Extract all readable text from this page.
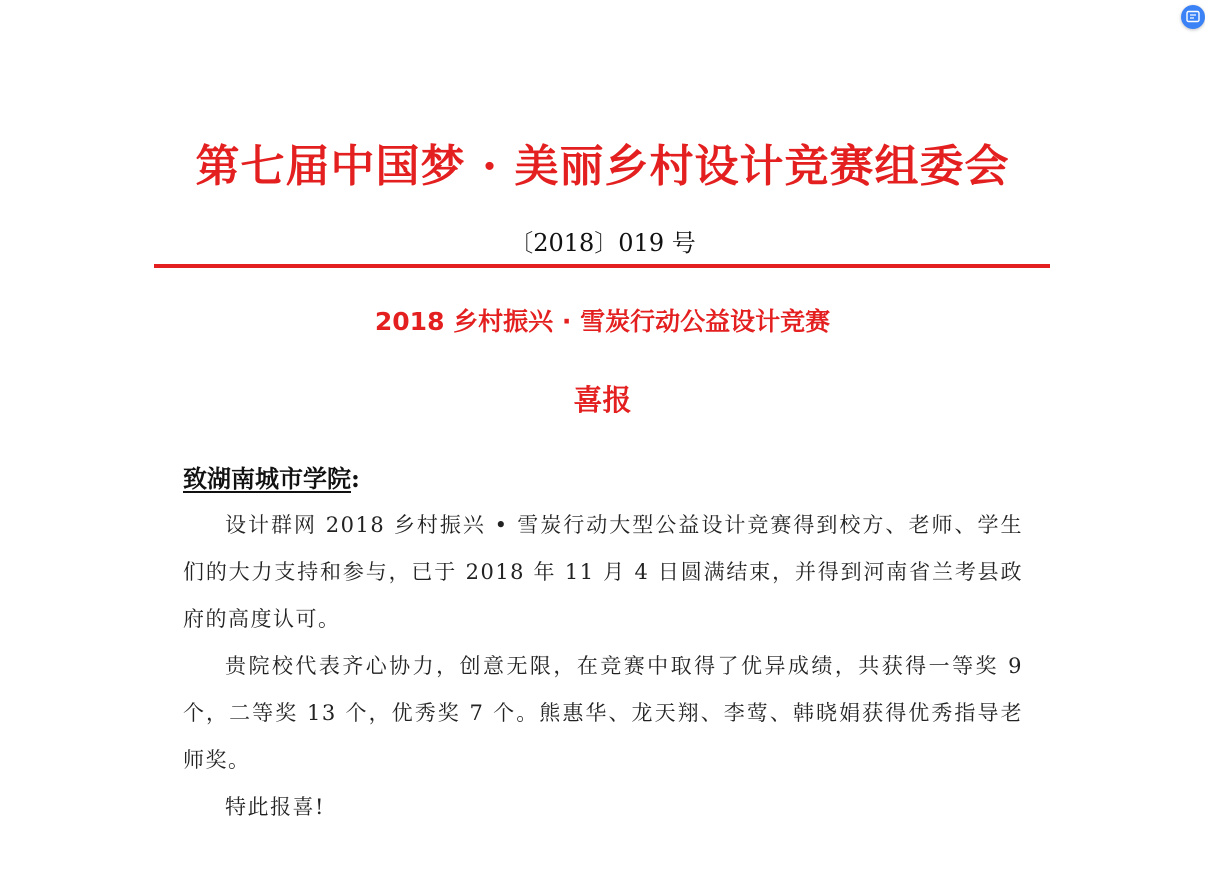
第七届中国梦 · 美丽乡村设计竞赛组委会
〔2018〕019 号
2018 乡村振兴 · 雪炭行动公益设计竞赛
喜报
致湖南城市学院:

设计群网 2018 乡村振兴 • 雪炭行动大型公益设计竞赛得到校方、老师、学生们的大力支持和参与，已于 2018 年 11 月 4 日圆满结束，并得到河南省兰考县政府的高度认可。

贵院校代表齐心协力，创意无限，在竞赛中取得了优异成绩，共获得一等奖 9 个，二等奖 13 个，优秀奖 7 个。熊惠华、龙天翔、李莺、韩晓娟获得优秀指导老师奖。

特此报喜!
